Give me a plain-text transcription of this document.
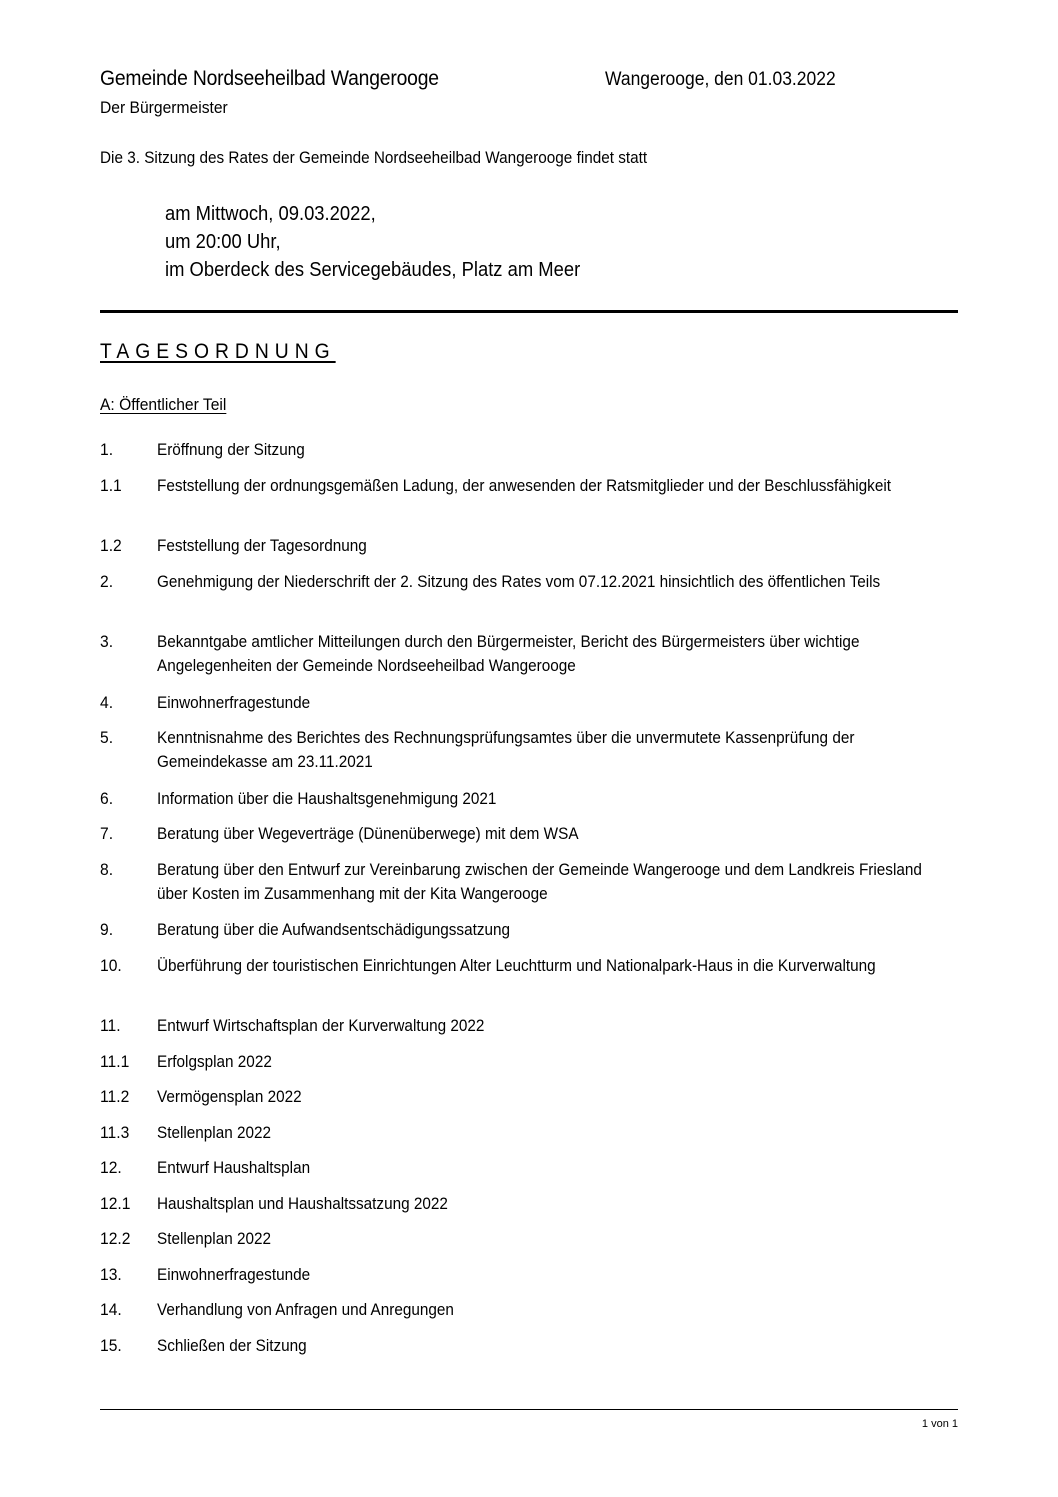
Gemeinde Nordseeheilbad Wangerooge	Wangerooge, den 01.03.2022
Der Bürgermeister
Die 3. Sitzung des Rates der Gemeinde Nordseeheilbad Wangerooge findet statt
am Mittwoch, 09.03.2022,
um 20:00 Uhr,
im Oberdeck des Servicegebäudes, Platz am Meer
TAGESORDNUNG
A: Öffentlicher Teil
1.	Eröffnung der Sitzung
1.1 Feststellung der ordnungsgemäßen Ladung, der anwesenden der Ratsmitglieder und der Beschlussfähigkeit
1.2 Feststellung der Tagesordnung
2.	Genehmigung der Niederschrift der 2. Sitzung des Rates vom 07.12.2021 hinsichtlich des öffentlichen Teils
3.	Bekanntgabe amtlicher Mitteilungen durch den Bürgermeister, Bericht des Bürgermeisters über wichtige Angelegenheiten der Gemeinde Nordseeheilbad Wangerooge
4.	Einwohnerfragestunde
5.	Kenntnisnahme des Berichtes des Rechnungsprüfungsamtes über die unvermutete Kassenprüfung der Gemeindekasse am 23.11.2021
6.	Information über die Haushaltsgenehmigung 2021
7.	Beratung über Wegeverträge (Dünenüberwege) mit dem WSA
8.	Beratung über den Entwurf zur Vereinbarung zwischen der Gemeinde Wangerooge und dem Landkreis Friesland über Kosten im Zusammenhang mit der Kita Wangerooge
9.	Beratung über die Aufwandsentschädigungssatzung
10. Überführung der touristischen Einrichtungen Alter Leuchtturm und Nationalpark-Haus in die Kurverwaltung
11. Entwurf Wirtschaftsplan der Kurverwaltung 2022
11.1 Erfolgsplan 2022
11.2 Vermögensplan 2022
11.3 Stellenplan 2022
12. Entwurf Haushaltsplan
12.1 Haushaltsplan und Haushaltssatzung 2022
12.2 Stellenplan 2022
13. Einwohnerfragestunde
14. Verhandlung von Anfragen und Anregungen
15. Schließen der Sitzung
1 von 1
